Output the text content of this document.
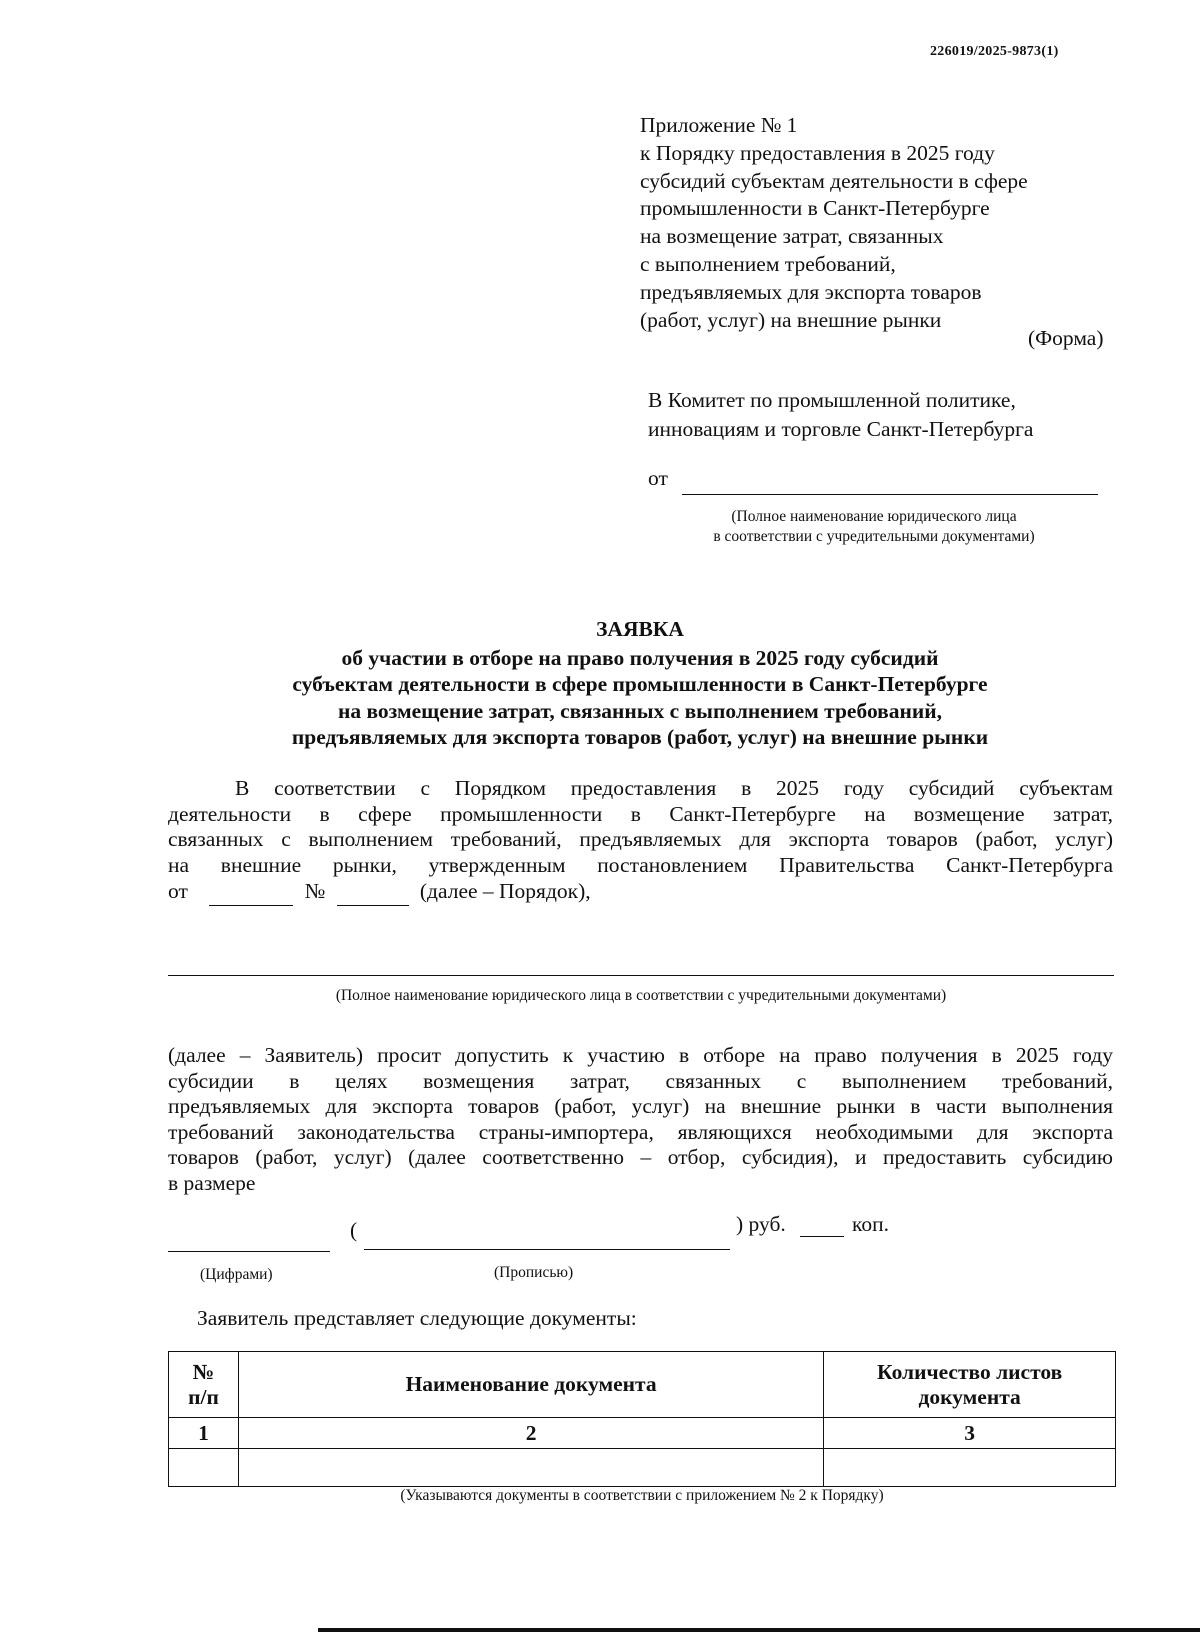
226019/2025-9873(1)
Приложение № 1
к Порядку предоставления в 2025 году
субсидий субъектам деятельности в сфере
промышленности в Санкт-Петербурге
на возмещение затрат, связанных
с выполнением требований,
предъявляемых для экспорта товаров
(работ, услуг) на внешние рынки
(Форма)
В Комитет по промышленной политике,
инновациям и торговле Санкт-Петербурга
от
(Полное наименование юридического лица
в соответствии с учредительными документами)
ЗАЯВКА
об участии в отборе на право получения в 2025 году субсидий
субъектам деятельности в сфере промышленности в Санкт-Петербурге
на возмещение затрат, связанных с выполнением требований,
предъявляемых для экспорта товаров (работ, услуг) на внешние рынки
В соответствии с Порядком предоставления в 2025 году субсидий субъектам
деятельности в сфере промышленности в Санкт-Петербурге на возмещение затрат,
связанных с выполнением требований, предъявляемых для экспорта товаров (работ, услуг)
на внешние рынки, утвержденным постановлением Правительства Санкт-Петербурга
от	№	(далее – Порядок),
(Полное наименование юридического лица в соответствии с учредительными документами)
(далее – Заявитель) просит допустить к участию в отборе на право получения в 2025 году
субсидии в целях возмещения затрат, связанных с выполнением требований,
предъявляемых для экспорта товаров (работ, услуг) на внешние рынки в части выполнения
требований законодательства страны-импортера, являющихся необходимыми для экспорта
товаров (работ, услуг) (далее соответственно – отбор, субсидия), и предоставить субсидию
в размере
(	) руб.	коп.
(Цифрами)	(Прописью)
Заявитель представляет следующие документы:
№
п/п	Наименование документа	Количество листов
документа
1	2	3

(Указываются документы в соответствии с приложением № 2 к Порядку)
